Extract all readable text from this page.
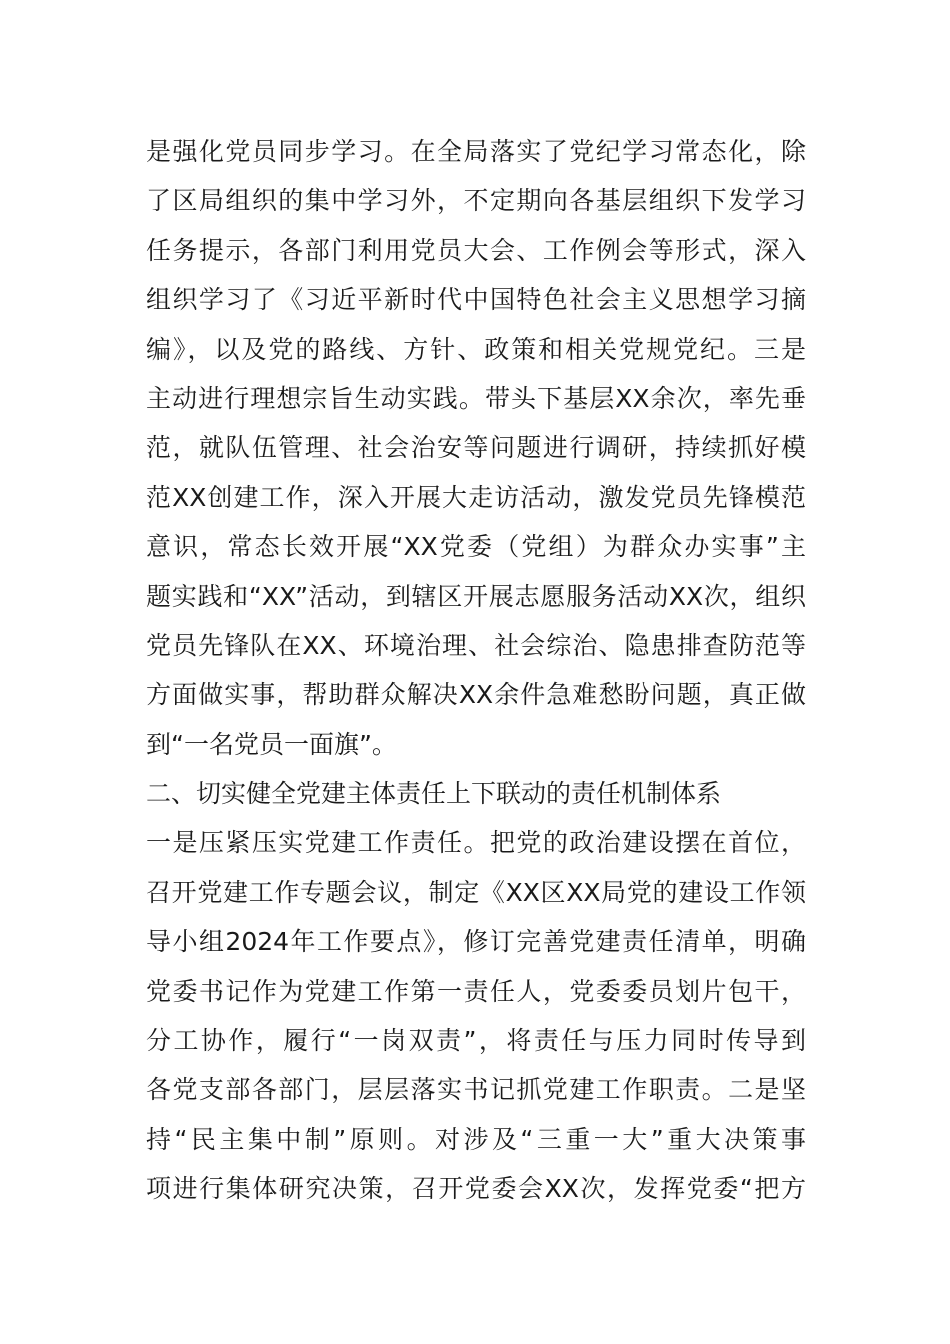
是强化党员同步学习。在全局落实了党纪学习常态化，除
了区局组织的集中学习外，不定期向各基层组织下发学习
任务提示，各部门利用党员大会、工作例会等形式，深入
组织学习了《习近平新时代中国特色社会主义思想学习摘
编》，以及党的路线、方针、政策和相关党规党纪。三是
主动进行理想宗旨生动实践。带头下基层XX余次，率先垂
范，就队伍管理、社会治安等问题进行调研，持续抓好模
范XX创建工作，深入开展大走访活动，激发党员先锋模范
意识，常态长效开展“XX党委（党组）为群众办实事”主
题实践和“XX”活动，到辖区开展志愿服务活动XX次，组织
党员先锋队在XX、环境治理、社会综治、隐患排查防范等
方面做实事，帮助群众解决XX余件急难愁盼问题，真正做
到“一名党员一面旗”。
二、切实健全党建主体责任上下联动的责任机制体系
一是压紧压实党建工作责任。把党的政治建设摆在首位，
召开党建工作专题会议，制定《XX区XX局党的建设工作领
导小组2024年工作要点》，修订完善党建责任清单，明确
党委书记作为党建工作第一责任人，党委委员划片包干，
分工协作，履行“一岗双责”，将责任与压力同时传导到
各党支部各部门，层层落实书记抓党建工作职责。二是坚
持“民主集中制”原则。对涉及“三重一大”重大决策事
项进行集体研究决策，召开党委会XX次，发挥党委“把方
